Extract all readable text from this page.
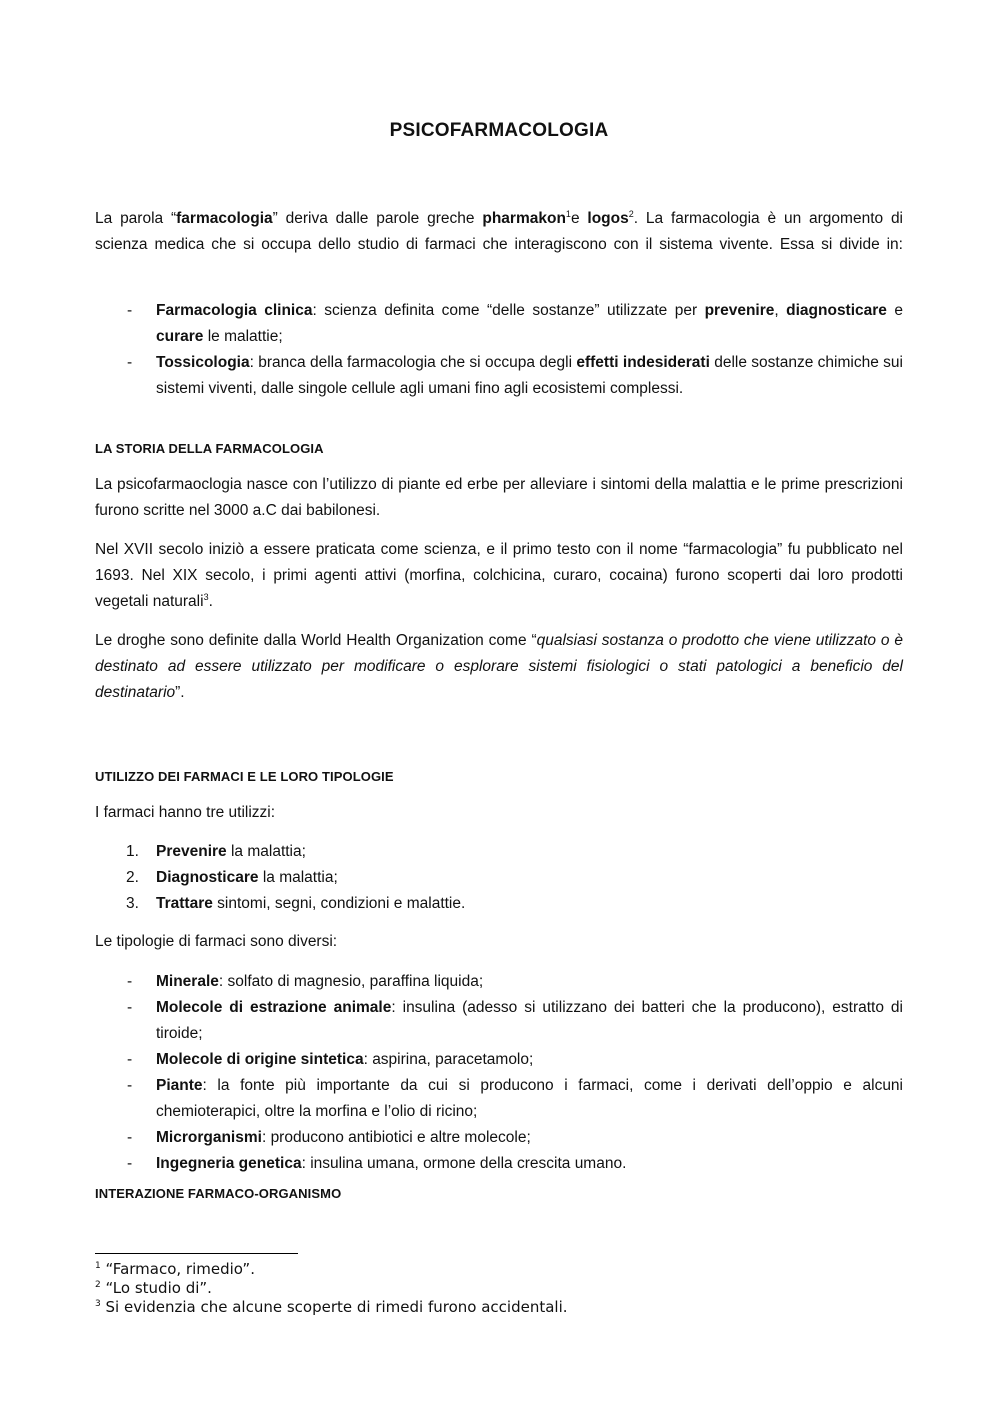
PSICOFARMACOLOGIA

La parola “farmacologia” deriva dalle parole greche pharmakon$^1$e logos$^2$. La farmacologia è un argomento di scienza medica che si occupa dello studio di farmaci che interagiscono con il sistema vivente. Essa si divide in:

- Farmacologia clinica: scienza definita come “delle sostanze” utilizzate per prevenire, diagnosticare e curare le malattie;
- Tossicologia: branca della farmacologia che si occupa degli effetti indesiderati delle sostanze chimiche sui sistemi viventi, dalle singole cellule agli umani fino agli ecosistemi complessi.
LA STORIA DELLA FARMACOLOGIA

La psicofarmaoclogia nasce con l’utilizzo di piante ed erbe per alleviare i sintomi della malattia e le prime prescrizioni furono scritte nel 3000 a.C dai babilonesi.

Nel XVII secolo iniziò a essere praticata come scienza, e il primo testo con il nome “farmacologia” fu pubblicato nel 1693. Nel XIX secolo, i primi agenti attivi (morfina, colchicina, curaro, cocaina) furono scoperti dai loro prodotti vegetali naturali$^3$.

Le droghe sono definite dalla World Health Organization come “qualsiasi sostanza o prodotto che viene utilizzato o è destinato ad essere utilizzato per modificare o esplorare sistemi fisiologici o stati patologici a beneficio del destinatario”.

UTILIZZO DEI FARMACI E LE LORO TIPOLOGIE

I farmaci hanno tre utilizzi:

1. Prevenire la malattia;
2. Diagnosticare la malattia;
3. Trattare sintomi, segni, condizioni e malattie.

Le tipologie di farmaci sono diversi:

- Minerale: solfato di magnesio, paraffina liquida;
- Molecole di estrazione animale: insulina (adesso si utilizzano dei batteri che la producono), estratto di tiroide;
- Molecole di origine sintetica: aspirina, paracetamolo;
- Piante: la fonte più importante da cui si producono i farmaci, come i derivati dell’oppio e alcuni chemioterapici, oltre la morfina e l’olio di ricino;
- Microrganismi: producono antibiotici e altre molecole;
- Ingegneria genetica: insulina umana, ormone della crescita umano.
INTERAZIONE FARMACO-ORGANISMO

$^1$ “Farmaco, rimedio”.

$^2$ “Lo studio di”.

$^3$ Si evidenzia che alcune scoperte di rimedi furono accidentali.
